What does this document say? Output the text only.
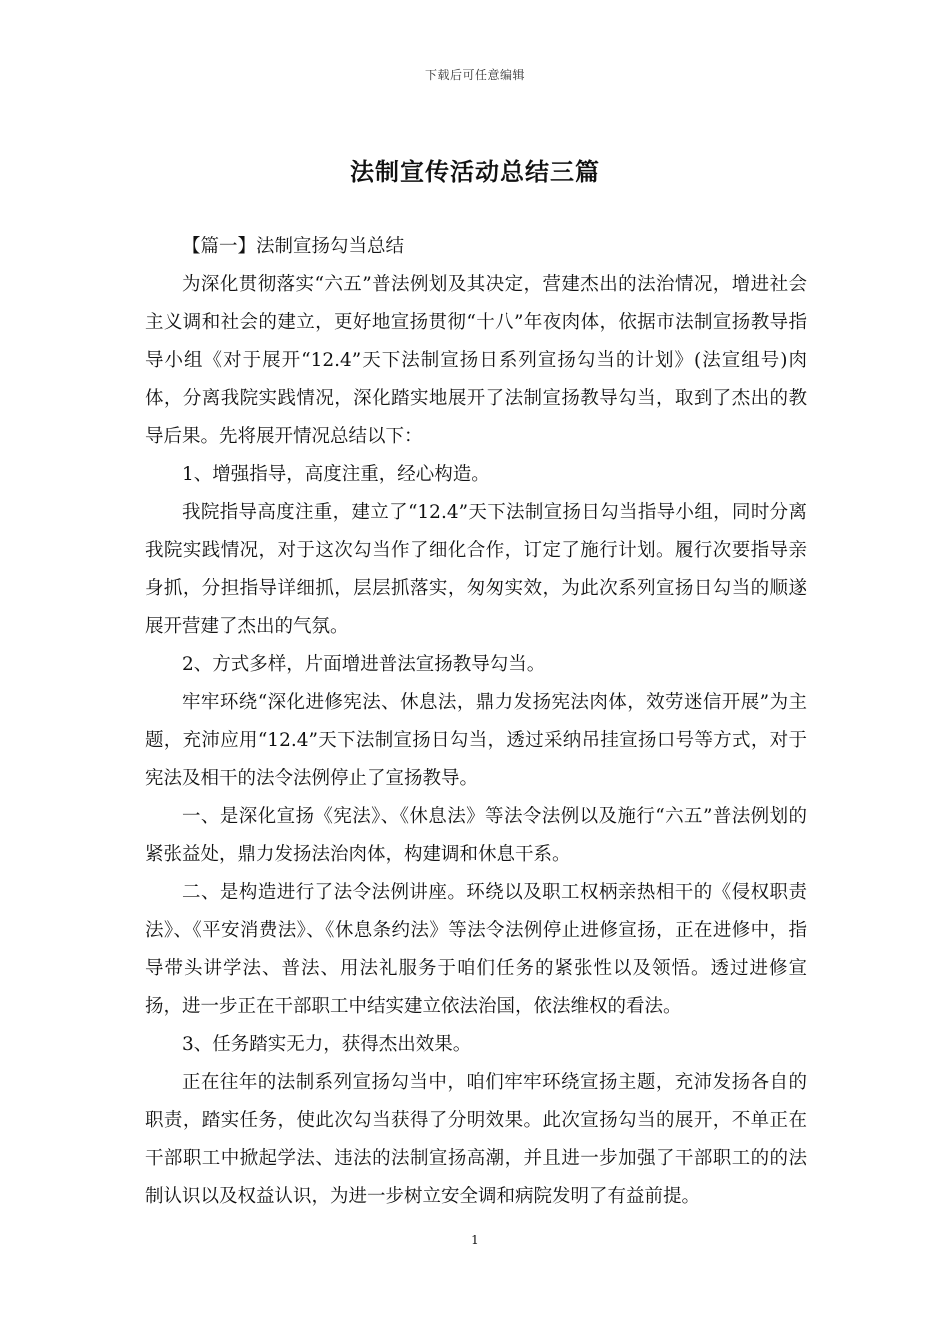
下载后可任意编辑
法制宣传活动总结三篇

【篇一】法制宣扬勾当总结

为深化贯彻落实“六五”普法例划及其决定，营建杰出的法治情况，增进社会主义调和社会的建立，更好地宣扬贯彻“十八”年夜肉体，依据市法制宣扬教导指导小组《对于展开“12.4”天下法制宣扬日系列宣扬勾当的计划》(法宣组号)肉体，分离我院实践情况，深化踏实地展开了法制宣扬教导勾当，取到了杰出的教导后果。先将展开情况总结以下：

1、增强指导，高度注重，经心构造。

我院指导高度注重，建立了“12.4”天下法制宣扬日勾当指导小组，同时分离我院实践情况，对于这次勾当作了细化合作，订定了施行计划。履行次要指导亲身抓，分担指导详细抓，层层抓落实，匆匆实效，为此次系列宣扬日勾当的顺遂展开营建了杰出的气氛。

2、方式多样，片面增进普法宣扬教导勾当。

牢牢环绕“深化进修宪法、休息法，鼎力发扬宪法肉体，效劳迷信开展”为主题，充沛应用“12.4”天下法制宣扬日勾当，透过采纳吊挂宣扬口号等方式，对于宪法及相干的法令法例停止了宣扬教导。

一、是深化宣扬《宪法》、《休息法》等法令法例以及施行“六五”普法例划的紧张益处，鼎力发扬法治肉体，构建调和休息干系。

二、是构造进行了法令法例讲座。环绕以及职工权柄亲热相干的《侵权职责法》、《平安消费法》、《休息条约法》等法令法例停止进修宣扬，正在进修中，指导带头讲学法、普法、用法礼服务于咱们任务的紧张性以及领悟。透过进修宣扬，进一步正在干部职工中结实建立依法治国，依法维权的看法。

3、任务踏实无力，获得杰出效果。

正在往年的法制系列宣扬勾当中，咱们牢牢环绕宣扬主题，充沛发扬各自的职责，踏实任务，使此次勾当获得了分明效果。此次宣扬勾当的展开，不单正在干部职工中掀起学法、违法的法制宣扬高潮，并且进一步加强了干部职工的的法制认识以及权益认识，为进一步树立安全调和病院发明了有益前提。

1
